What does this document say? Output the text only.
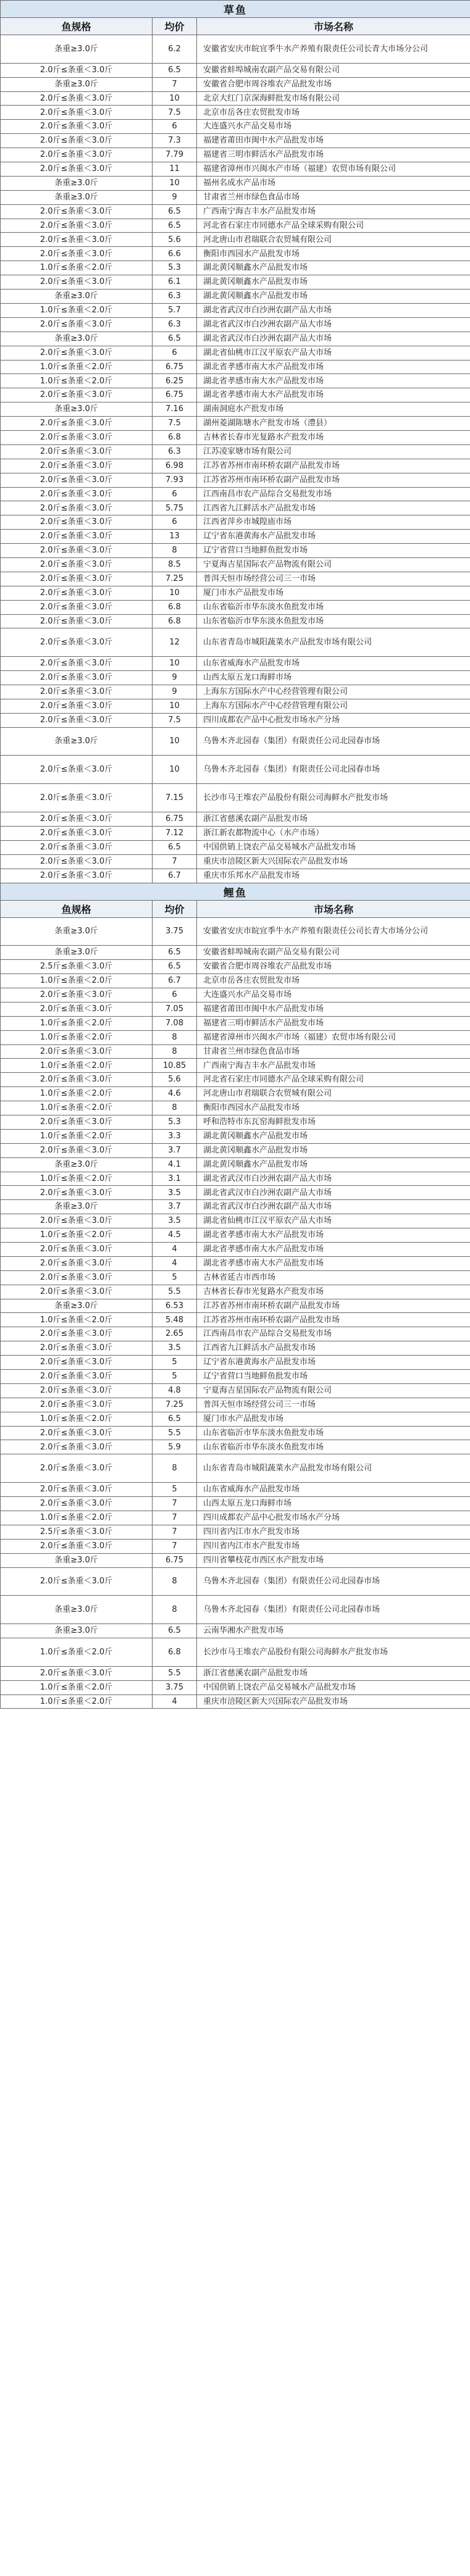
草鱼		
鱼规格	均价	市场名称
条重≥3.0斤	6.2	安徽省安庆市皖宜季牛水产养殖有限责任公司长青大市场分公司
2.0斤≤条重＜3.0斤	6.5	安徽省蚌埠城南农副产品交易有限公司
条重≥3.0斤	7	安徽省合肥市周谷堆农产品批发市场
2.0斤≤条重＜3.0斤	10	北京大红门京深海鲜批发市场有限公司
2.0斤≤条重＜3.0斤	7.5	北京市岳各庄农贸批发市场
2.0斤≤条重＜3.0斤	6	大连盛兴水产品交易市场
2.0斤≤条重＜3.0斤	7.3	福建省莆田市闽中水产品批发市场
2.0斤≤条重＜3.0斤	7.79	福建省三明市鲜活水产品批发市场
2.0斤≤条重＜3.0斤	11	福建省漳州市兴闽水产市场（福建）农贸市场有限公司
条重≥3.0斤	10	福州名成水产品市场
条重≥3.0斤	9	甘肃省兰州市绿色食品市场
2.0斤≤条重＜3.0斤	6.5	广西南宁海吉丰水产品批发市场
2.0斤≤条重＜3.0斤	6.5	河北省石家庄市同德水产品全球采购有限公司
2.0斤≤条重＜3.0斤	5.6	河北唐山市君瑞联合农贸城有限公司
2.0斤≤条重＜3.0斤	6.6	衡阳市西园水产品批发市场
1.0斤≤条重＜2.0斤	5.3	湖北黄冈顺鑫水产品批发市场
2.0斤≤条重＜3.0斤	6.1	湖北黄冈顺鑫水产品批发市场
条重≥3.0斤	6.3	湖北黄冈顺鑫水产品批发市场
1.0斤≤条重＜2.0斤	5.7	湖北省武汉市白沙洲农副产品大市场
2.0斤≤条重＜3.0斤	6.3	湖北省武汉市白沙洲农副产品大市场
条重≥3.0斤	6.5	湖北省武汉市白沙洲农副产品大市场
2.0斤≤条重＜3.0斤	6	湖北省仙桃市江汉平原农产品大市场
1.0斤≤条重＜2.0斤	6.75	湖北省孝感市南大水产品批发市场
1.0斤≤条重＜2.0斤	6.25	湖北省孝感市南大水产品批发市场
2.0斤≤条重＜3.0斤	6.75	湖北省孝感市南大水产品批发市场
条重≥3.0斤	7.16	湖南洞庭水产批发市场
2.0斤≤条重＜3.0斤	7.5	湖州菱湖陈塘水产批发市场（澧县）
2.0斤≤条重＜3.0斤	6.8	吉林省长春市光复路水产批发市场
2.0斤≤条重＜3.0斤	6.3	江苏凌家塘市场有限公司
2.0斤≤条重＜3.0斤	6.98	江苏省苏州市南环桥农副产品批发市场
2.0斤≤条重＜3.0斤	7.93	江苏省苏州市南环桥农副产品批发市场
2.0斤≤条重＜3.0斤	6	江西南昌市农产品综合交易批发市场
2.0斤≤条重＜3.0斤	5.75	江西省九江鲜活水产品批发市场
2.0斤≤条重＜3.0斤	6	江西省萍乡市城隍庙市场
2.0斤≤条重＜3.0斤	13	辽宁省东港黄海水产品批发市场
2.0斤≤条重＜3.0斤	8	辽宁省营口当地鲜鱼批发市场
2.0斤≤条重＜3.0斤	8.5	宁夏海吉星国际农产品物流有限公司
2.0斤≤条重＜3.0斤	7.25	普洱天恒市场经营公司三一市场
2.0斤≤条重＜3.0斤	10	厦门市水产品批发市场
2.0斤≤条重＜3.0斤	6.8	山东省临沂市华东淡水鱼批发市场
2.0斤≤条重＜3.0斤	6.8	山东省临沂市华东淡水鱼批发市场
2.0斤≤条重＜3.0斤	12	山东省青岛市城阳蔬菜水产品批发市场有限公司
2.0斤≤条重＜3.0斤	10	山东省威海水产品批发市场
2.0斤≤条重＜3.0斤	9	山西太原五龙口海鲜市场
2.0斤≤条重＜3.0斤	9	上海东方国际水产中心经营管理有限公司
2.0斤≤条重＜3.0斤	10	上海东方国际水产中心经营管理有限公司
2.0斤≤条重＜3.0斤	7.5	四川成都农产品中心批发市场水产分场
条重≥3.0斤	10	乌鲁木齐北园春（集团）有限责任公司北园春市场
2.0斤≤条重＜3.0斤	10	乌鲁木齐北园春（集团）有限责任公司北园春市场
2.0斤≤条重＜3.0斤	7.15	长沙市马王堆农产品股份有限公司海鲜水产批发市场
2.0斤≤条重＜3.0斤	6.75	浙江省慈溪农副产品批发市场
2.0斤≤条重＜3.0斤	7.12	浙江新农都物流中心（水产市场）
2.0斤≤条重＜3.0斤	6.5	中国供销上饶农产品交易城水产品批发市场
2.0斤≤条重＜3.0斤	7	重庆市涪陵区新大兴国际农产品批发市场
2.0斤≤条重＜3.0斤	6.7	重庆市乐邦水产品批发市场
鲤鱼		
鱼规格	均价	市场名称
条重≥3.0斤	3.75	安徽省安庆市皖宜季牛水产养殖有限责任公司长青大市场分公司
条重≥3.0斤	6.5	安徽省蚌埠城南农副产品交易有限公司
2.5斤≤条重＜3.0斤	6.5	安徽省合肥市周谷堆农产品批发市场
1.0斤≤条重＜2.0斤	6.7	北京市岳各庄农贸批发市场
2.0斤≤条重＜3.0斤	6	大连盛兴水产品交易市场
2.0斤≤条重＜3.0斤	7.05	福建省莆田市闽中水产品批发市场
1.0斤≤条重＜2.0斤	7.08	福建省三明市鲜活水产品批发市场
1.0斤≤条重＜2.0斤	8	福建省漳州市兴闽水产市场（福建）农贸市场有限公司
2.0斤≤条重＜3.0斤	8	甘肃省兰州市绿色食品市场
1.0斤≤条重＜2.0斤	10.85	广西南宁海吉丰水产品批发市场
2.0斤≤条重＜3.0斤	5.6	河北省石家庄市同德水产品全球采购有限公司
1.0斤≤条重＜2.0斤	4.6	河北唐山市君瑞联合农贸城有限公司
1.0斤≤条重＜2.0斤	8	衡阳市西园水产品批发市场
2.0斤≤条重＜3.0斤	5.3	呼和浩特市东瓦窑海鲜批发市场
1.0斤≤条重＜2.0斤	3.3	湖北黄冈顺鑫水产品批发市场
2.0斤≤条重＜3.0斤	3.7	湖北黄冈顺鑫水产品批发市场
条重≥3.0斤	4.1	湖北黄冈顺鑫水产品批发市场
1.0斤≤条重＜2.0斤	3.1	湖北省武汉市白沙洲农副产品大市场
2.0斤≤条重＜3.0斤	3.5	湖北省武汉市白沙洲农副产品大市场
条重≥3.0斤	3.7	湖北省武汉市白沙洲农副产品大市场
2.0斤≤条重＜3.0斤	3.5	湖北省仙桃市江汉平原农产品大市场
1.0斤≤条重＜2.0斤	4.5	湖北省孝感市南大水产品批发市场
2.0斤≤条重＜3.0斤	4	湖北省孝感市南大水产品批发市场
2.0斤≤条重＜3.0斤	4	湖北省孝感市南大水产品批发市场
2.0斤≤条重＜3.0斤	5	吉林省延吉市西市场
2.0斤≤条重＜3.0斤	5.5	吉林省长春市光复路水产批发市场
条重≥3.0斤	6.53	江苏省苏州市南环桥农副产品批发市场
1.0斤≤条重＜2.0斤	5.48	江苏省苏州市南环桥农副产品批发市场
2.0斤≤条重＜3.0斤	2.65	江西南昌市农产品综合交易批发市场
2.0斤≤条重＜3.0斤	3.5	江西省九江鲜活水产品批发市场
2.0斤≤条重＜3.0斤	5	辽宁省东港黄海水产品批发市场
2.0斤≤条重＜3.0斤	5	辽宁省营口当地鲜鱼批发市场
2.0斤≤条重＜3.0斤	4.8	宁夏海吉星国际农产品物流有限公司
2.0斤≤条重＜3.0斤	7.25	普洱天恒市场经营公司三一市场
1.0斤≤条重＜2.0斤	6.5	厦门市水产品批发市场
2.0斤≤条重＜3.0斤	5.5	山东省临沂市华东淡水鱼批发市场
2.0斤≤条重＜3.0斤	5.9	山东省临沂市华东淡水鱼批发市场
2.0斤≤条重＜3.0斤	8	山东省青岛市城阳蔬菜水产品批发市场有限公司
2.0斤≤条重＜3.0斤	5	山东省威海水产品批发市场
2.0斤≤条重＜3.0斤	7	山西太原五龙口海鲜市场
1.0斤≤条重＜2.0斤	7	四川成都农产品中心批发市场水产分场
2.5斤≤条重＜3.0斤	7	四川省内江市水产批发市场
2.0斤≤条重＜3.0斤	7	四川省内江市水产批发市场
条重≥3.0斤	6.75	四川省攀枝花市西区水产批发市场
2.0斤≤条重＜3.0斤	8	乌鲁木齐北园春（集团）有限责任公司北园春市场
条重≥3.0斤	8	乌鲁木齐北园春（集团）有限责任公司北园春市场
条重≥3.0斤	6.5	云南华湘水产批发市场
1.0斤≤条重＜2.0斤	6.8	长沙市马王堆农产品股份有限公司海鲜水产批发市场
2.0斤≤条重＜3.0斤	5.5	浙江省慈溪农副产品批发市场
1.0斤≤条重＜2.0斤	3.75	中国供销上饶农产品交易城水产品批发市场
1.0斤≤条重＜2.0斤	4	重庆市涪陵区新大兴国际农产品批发市场
